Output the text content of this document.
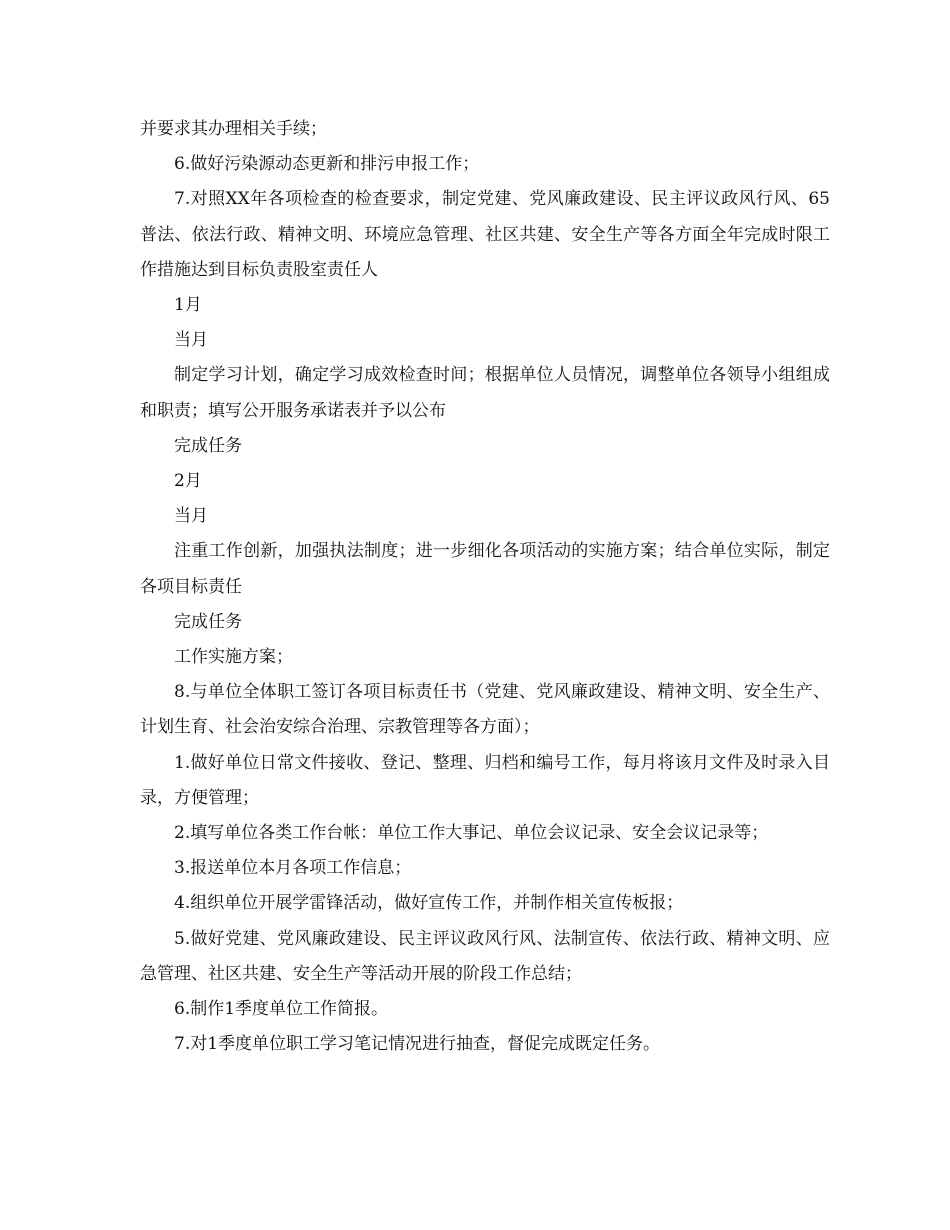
并要求其办理相关手续；

6.做好污染源动态更新和排污申报工作；

7.对照XX年各项检查的检查要求，制定党建、党风廉政建设、民主评议政风行风、65普法、依法行政、精神文明、环境应急管理、社区共建、安全生产等各方面全年完成时限工作措施达到目标负责股室责任人

1月

当月

制定学习计划，确定学习成效检查时间；根据单位人员情况，调整单位各领导小组组成和职责；填写公开服务承诺表并予以公布

完成任务

2月

当月

注重工作创新，加强执法制度；进一步细化各项活动的实施方案；结合单位实际，制定各项目标责任

完成任务

工作实施方案；

8.与单位全体职工签订各项目标责任书（党建、党风廉政建设、精神文明、安全生产、计划生育、社会治安综合治理、宗教管理等各方面）；

1.做好单位日常文件接收、登记、整理、归档和编号工作，每月将该月文件及时录入目录，方便管理；

2.填写单位各类工作台帐：单位工作大事记、单位会议记录、安全会议记录等；

3.报送单位本月各项工作信息；

4.组织单位开展学雷锋活动，做好宣传工作，并制作相关宣传板报；

5.做好党建、党风廉政建设、民主评议政风行风、法制宣传、依法行政、精神文明、应急管理、社区共建、安全生产等活动开展的阶段工作总结；

6.制作1季度单位工作简报。

7.对1季度单位职工学习笔记情况进行抽查，督促完成既定任务。
